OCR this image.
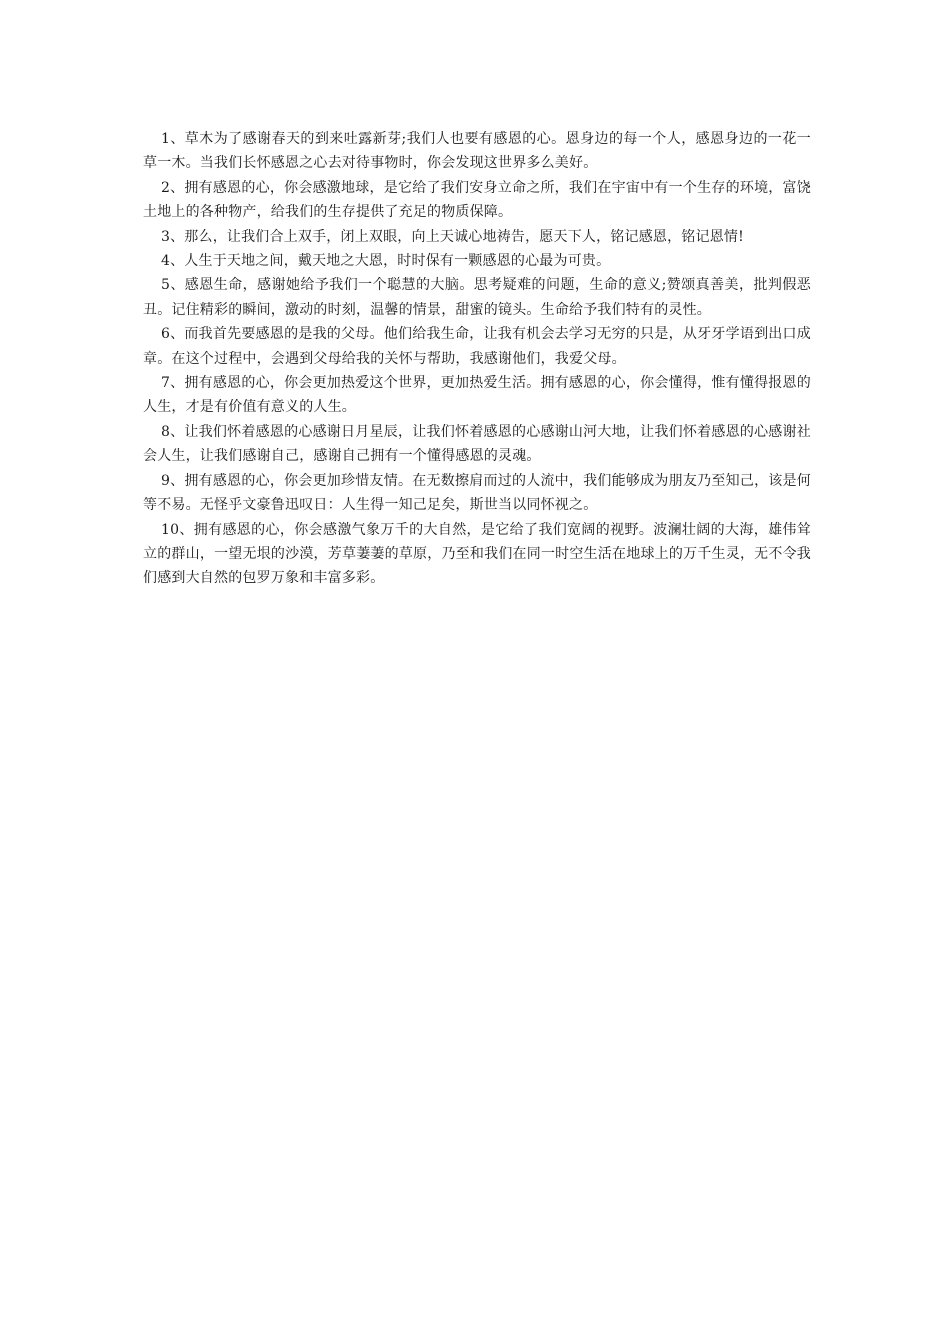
1、草木为了感谢春天的到来吐露新芽;我们人也要有感恩的心。恩身边的每一个人，感恩身边的一花一草一木。当我们长怀感恩之心去对待事物时，你会发现这世界多么美好。

2、拥有感恩的心，你会感激地球，是它给了我们安身立命之所，我们在宇宙中有一个生存的环境，富饶土地上的各种物产，给我们的生存提供了充足的物质保障。

3、那么，让我们合上双手，闭上双眼，向上天诚心地祷告，愿天下人，铭记感恩，铭记恩情!

4、人生于天地之间，戴天地之大恩，时时保有一颗感恩的心最为可贵。

5、感恩生命，感谢她给予我们一个聪慧的大脑。思考疑难的问题，生命的意义;赞颂真善美，批判假恶丑。记住精彩的瞬间，激动的时刻，温馨的情景，甜蜜的镜头。生命给予我们特有的灵性。

6、而我首先要感恩的是我的父母。他们给我生命，让我有机会去学习无穷的只是，从牙牙学语到出口成章。在这个过程中，会遇到父母给我的关怀与帮助，我感谢他们，我爱父母。

7、拥有感恩的心，你会更加热爱这个世界，更加热爱生活。拥有感恩的心，你会懂得，惟有懂得报恩的人生，才是有价值有意义的人生。

8、让我们怀着感恩的心感谢日月星辰，让我们怀着感恩的心感谢山河大地，让我们怀着感恩的心感谢社会人生，让我们感谢自己，感谢自己拥有一个懂得感恩的灵魂。

9、拥有感恩的心，你会更加珍惜友情。在无数擦肩而过的人流中，我们能够成为朋友乃至知己，该是何等不易。无怪乎文豪鲁迅叹日：人生得一知己足矣，斯世当以同怀视之。

10、拥有感恩的心，你会感激气象万千的大自然，是它给了我们宽阔的视野。波澜壮阔的大海，雄伟耸立的群山，一望无垠的沙漠，芳草萋萋的草原，乃至和我们在同一时空生活在地球上的万千生灵，无不令我们感到大自然的包罗万象和丰富多彩。
